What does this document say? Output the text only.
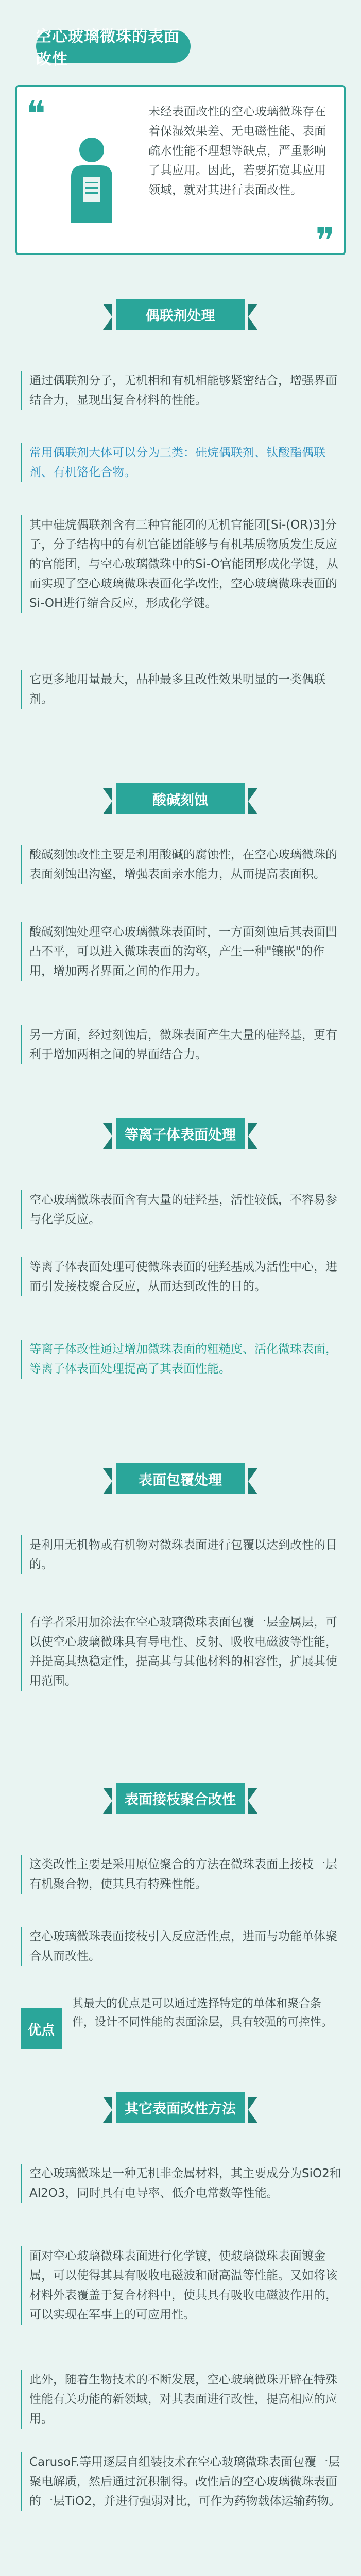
空心玻璃微珠的表面改性
❝	未经表面改性的空心玻璃微珠存在着保湿效果差、无电磁性能、表面疏水性能不理想等缺点，严重影响了其应用。因此，若要拓宽其应用领域，就对其进行表面改性。
❞
偶联剂处理
通过偶联剂分子，无机相和有机相能够紧密结合，增强界面结合力，显现出复合材料的性能。
常用偶联剂大体可以分为三类：硅烷偶联剂、钛酸酯偶联剂、有机铬化合物。
其中硅烷偶联剂含有三种官能团的无机官能团[Si-(OR)3]分子，分子结构中的有机官能团能够与有机基质物质发生反应的官能团，与空心玻璃微珠中的Si-O官能团形成化学键，从而实现了空心玻璃微珠表面化学改性，空心玻璃微珠表面的Si-OH进行缩合反应，形成化学键。
它更多地用量最大，品种最多且改性效果明显的一类偶联剂。
酸碱刻蚀
酸碱刻蚀改性主要是利用酸碱的腐蚀性，在空心玻璃微珠的表面刻蚀出沟壑，增强表面亲水能力，从而提高表面积。
酸碱刻蚀处理空心玻璃微珠表面时，一方面刻蚀后其表面凹凸不平，可以进入微珠表面的沟壑，产生一种"镶嵌"的作用，增加两者界面之间的作用力。
另一方面，经过刻蚀后，微珠表面产生大量的硅羟基，更有利于增加两相之间的界面结合力。
等离子体表面处理
空心玻璃微珠表面含有大量的硅羟基，活性较低，不容易参与化学反应。
等离子体表面处理可使微珠表面的硅羟基成为活性中心，进而引发接枝聚合反应，从而达到改性的目的。
等离子体改性通过增加微珠表面的粗糙度、活化微珠表面，等离子体表面处理提高了其表面性能。
表面包覆处理
是利用无机物或有机物对微珠表面进行包覆以达到改性的目的。
有学者采用加涂法在空心玻璃微珠表面包覆一层金属层，可以使空心玻璃微珠具有导电性、反射、吸收电磁波等性能，并提高其热稳定性，提高其与其他材料的相容性，扩展其使用范围。
表面接枝聚合改性
这类改性主要是采用原位聚合的方法在微珠表面上接枝一层有机聚合物，使其具有特殊性能。
空心玻璃微珠表面接枝引入反应活性点，进而与功能单体聚合从而改性。
优点
其最大的优点是可以通过选择特定的单体和聚合条件，设计不同性能的表面涂层，具有较强的可控性。
其它表面改性方法
空心玻璃微珠是一种无机非金属材料，其主要成分为SiO2和Al2O3，同时具有电导率、低介电常数等性能。
面对空心玻璃微珠表面进行化学镀，使玻璃微珠表面镀金属，可以使得其具有吸收电磁波和耐高温等性能。又如将该材料外表覆盖于复合材料中，使其具有吸收电磁波作用的，可以实现在军事上的可应用性。
此外，随着生物技术的不断发展，空心玻璃微珠开辟在特殊性能有关功能的新领域，对其表面进行改性，提高相应的应用。
CarusoF.等用逐层自组装技术在空心玻璃微珠表面包覆一层聚电解质，然后通过沉积制得。改性后的空心玻璃微珠表面的一层TiO2，并进行强弱对比，可作为药物载体运输药物。
